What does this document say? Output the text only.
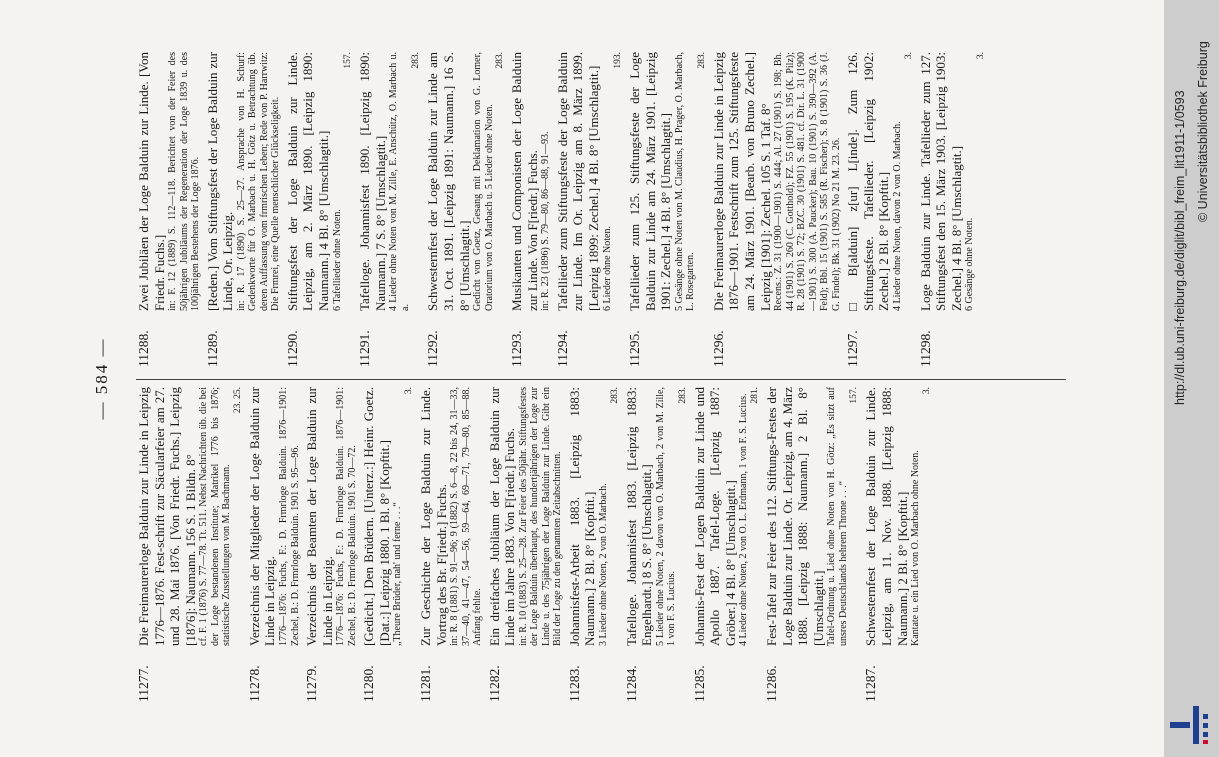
— 584 —
11277.
Die Freimaurerloge Balduin zur Linde in Leipzig 1776—1876. Fest-schrift zur Säcularfeier am 27. und 28. Mai 1876. [Von Friedr. Fuchs.] Leipzig [1876]: Naumann. 156 S. 1 Bildn. 8° cf. F. 1 (1876) S. 77—78. Tt. 511. Nebst Nachrichten üb. die bei der Loge bestandenen Institute; Matrikel 1776 bis 1876; statistische Zusstellungen von M. Bachmann.
23. 25.
11278.
Verzeichnis der Mitglieder der Loge Balduin zur Linde in Leipzig. 1776—1876: Fuchs, F.: D. Frmrloge Balduin. 1876—1901: Zechel, B.: D. Frmrloge Balduin. 1901 S. 95—96.
11279.
Verzeichnis der Beamten der Loge Balduin zur Linde in Leipzig. 1776—1876: Fuchs, F.: D. Frmrloge Balduin. 1876—1901: Zechel, B.: D. Frmrloge Balduin. 1901 S. 70—72.
11280.
[Gedicht.] Den Brüdern. [Unterz.:] Heinr. Goetz. [Dat.:] Leipzig 1880. 1 Bl. 8° [Kopftit.] „Theure Brüder, nah' und ferne . . .“
3.
11281.
Zur Geschichte der Loge Balduin zur Linde. Vortrag des Br. F[riedr.] Fuchs. in: R. 8 (1881) S. 91—96; 9 (1882) S. 6—8, 22 bis 24, 31—33, 37—40, 41—47, 54—56, 59—64, 69—71, 79—80, 85—88. Anfang fehlte.
11282.
Ein dreifaches Jubiläum der Loge Balduin zur Linde im Jahre 1883. Von F[riedr.] Fuchs. in: R. 10 (1883) S. 25—28. Zur Feier des 50jähr. Stiftungsfestes der Loge Balduin überhaupt, des hundertjährigen der Loge zur Linde u. des 75jährigen der Loge Balduin zur Linde. Gibt ein Bild der Loge zu den genannten Zeitabschnitten.
11283.
Johannisfest-Arbeit 1883. [Leipzig 1883: Naumann.] 2 Bl. 8° [Kopftit.] 3 Lieder ohne Noten, 2 von O. Marbach.
283.
11284.
Tafelloge. Johannisfest 1883. [Leipzig 1883: Engelhardt.] 8 S. 8° [Umschlagtit.] 5 Lieder ohne Noten, 2 davon von O. Marbach, 2 von M. Zille, 1 von F. S. Lucius.
283.
11285.
Johannis-Fest der Logen Balduin zur Linde und Apollo 1887. Tafel-Loge. [Leipzig 1887: Gröber.] 4 Bl. 8° [Umschlagtit.] 4 Lieder ohne Noten, 2 von O. L. Erdmann, 1 von F. S. Lucius. 281.
11286.
Fest-Tafel zur Feier des 112. Stiftungs-Festes der Loge Balduin zur Linde. Or. Leipzig, am 4. März 1888. [Leipzig 1888: Naumann.] 2 Bl. 8° [Umschlagtit.] Tafel-Ordnung u. Lied ohne Noten von H. Götz: „Es sitzt auf unsres Deutschlands hehrem Throne . . .“
157.
11287.
Schwesternfest der Loge Balduin zur Linde. Leipzig, am 11. Nov. 1888. [Leipzig 1888: Naumann.] 2 Bl. 8° [Kopftit.] Kantate u. ein Lied von O. Marbach ohne Noten.
3.
11288.
Zwei Jubiläen der Loge Balduin zur Linde. [Von Friedr. Fuchs.] in: F. 12 (1889) S. 112—118. Berichtet von der Feier des 50jährigen Jubiläums der Regeneration der Loge 1839 u. des 100jährigen Bestehens der Loge 1876.
11289.
[Reden.] Vom Stiftungsfest der Loge Balduin zur Linde, Or. Leipzig. in: R. 17 (1890) S. 25—27. Ansprache von H. Schurf: Gedenkworte für O. Marbach u. H. Götz u. Betrachtung üb. deren Auffassung vom frmrischen Leben; Rede von P. Harrwitz: Die Frmrei, eine Quelle menschlicher Glückseligkeit.
11290.
Stiftungsfest der Loge Balduin zur Linde. Leipzig, am 2. März 1890. [Leipzig 1890: Naumann.] 4 Bl. 8° [Umschlagtit.] 6 Tafellieder ohne Noten.
157.
11291.
Tafelloge. Johannisfest 1890. [Leipzig 1890: Naumann.] 7 S. 8° [Umschlagtit.] 4 Lieder ohne Noten von M. Zille, E. Anschütz, O. Marbach u. a.
283.
11292.
Schwesternfest der Loge Balduin zur Linde am 31. Oct. 1891. [Leipzig 1891: Naumann.] 16 S. 8° [Umschlagtit.] Gedicht von Goetz, Gesang mit Deklamation von G. Lomer, Oratorium von O. Marbach u. 5 Lieder ohne Noten.
283.
11293.
Musikanten und Componisten der Loge Balduin zur Linde. Von F[riedr.] Fuchs. in: R. 23 (1896) S. 79—80, 86—88, 91—93.
11294.
Tafellieder zum Stiftungsfeste der Loge Balduin zur Linde. Im Or. Leipzig am 8. März 1899. [Leipzig 1899: Zechel.] 4 Bl. 8° [Umschlagtit.] 6 Lieder ohne Noten.
193.
11295.
Tafellieder zum 125. Stiftungsfeste der Loge Balduin zur Linde am 24. März 1901. [Leipzig 1901: Zechel.] 4 Bl. 8° [Umschlagtit.] 5 Gesänge ohne Noten von M. Claudius, H. Prager, O. Marbach, L. Rosegarten.
283.
11296.
Die Freimaurerloge Balduin zur Linde in Leipzig 1876—1901. Festschrift zum 125. Stiftungsfeste am 24. März 1901. [Bearb. von Bruno Zechel.] Leipzig [1901]: Zechel. 105 S. 1 Taf. 8° Recens.: Z. 31 (1900—1901) S. 444; Al. 27 (1901) S. 198; Bh. 44 (1901) S. 260 (C. Gotthold); FZ. 55 (1901) S. 195 (K. Pilz); R. 28 (1901) S. 72; BZC. 30 (1901) S. 481. cf. Dir. L. 31 (1900—1901) S. 300 (A. Paucker); Bau. 10 (1901) S. 390—392 (A. Feld); Bbl. 15 (1901) S. 585 (R. Fischer); S. 8 (1901) S. 36 (J. G. Findel); Bk. 31 (1902) No 21 M. 23. 26.
11297.
□ B[alduin] z[ur] L[inde]. Zum 126. Stiftungsfeste. Tafellieder. [Leipzig 1902: Zechel.] 2 Bl. 8° [Kopftit.] 4 Lieder ohne Noten, davon 2 von O. Marbach.
3.
11298.
Loge Balduin zur Linde. Tafellieder zum 127. Stiftungsfest den 15. März 1903. [Leipzig 1903: Zechel.] 4 Bl. 8° [Umschlagtit.] 6 Gesänge ohne Noten.
3.
http://dl.ub.uni-freiburg.de/diglit/bibl_freim_lit1911-1/0593 © Universitätsbibliothek Freiburg
